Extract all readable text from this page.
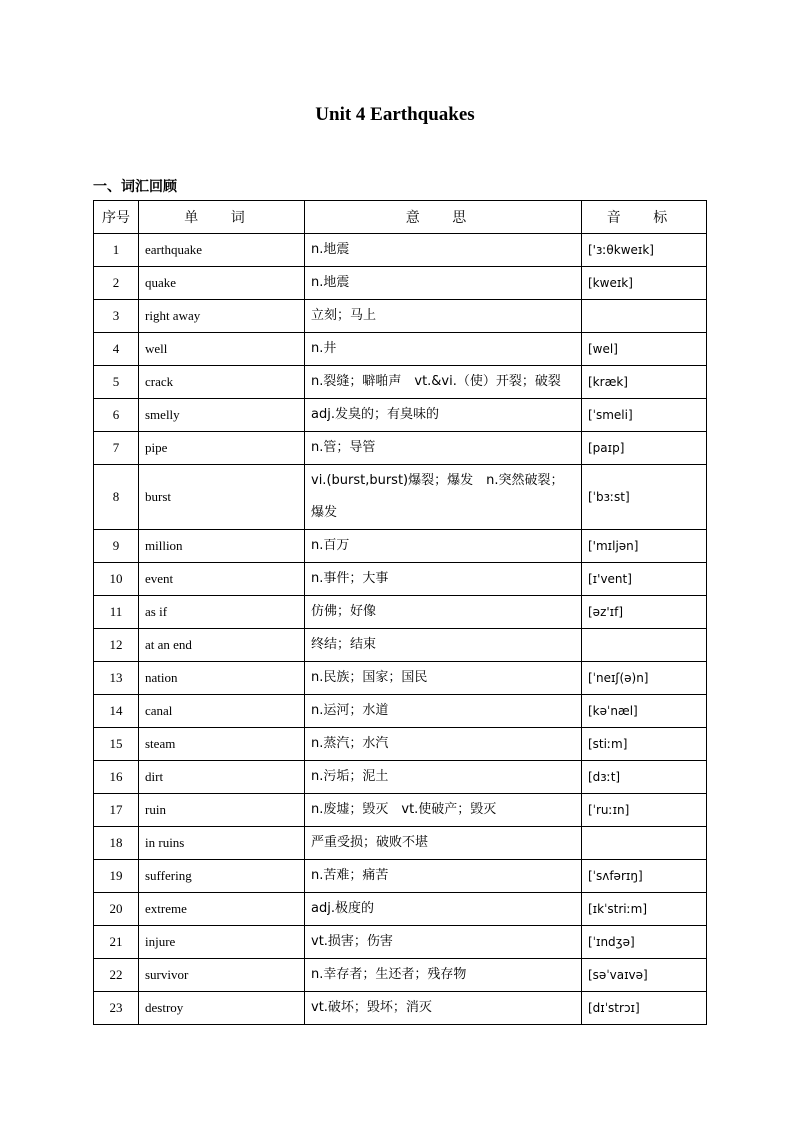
Unit 4 Earthquakes
一、词汇回顾
序号	单 词	意 思	音 标
1	earthquake	n.地震	['ɜːθkweɪk]
2	quake	n.地震	[kweɪk]
3	right away	立刻；马上	
4	well	n.井	[wel]
5	crack	n.裂缝；噼啪声　vt.&vi.（使）开裂；破裂	[kræk]
6	smelly	adj.发臭的；有臭味的	[ˈsmeli]
7	pipe	n.管；导管	[paɪp]
8	burst	vi.(burst,burst)爆裂；爆发　n.突然破裂；爆发	[ˈbɜːst]
9	million	n.百万	['mɪljən]
10	event	n.事件；大事	[ɪ'vent]
11	as if	仿佛；好像	[əz'ɪf]
12	at an end	终结；结束	
13	nation	n.民族；国家；国民	[ˈneɪʃ(ə)n]
14	canal	n.运河；水道	[kəˈnæl]
15	steam	n.蒸汽；水汽	[stiːm]
16	dirt	n.污垢；泥土	[dɜːt]
17	ruin	n.废墟；毁灭　vt.使破产；毁灭	[ˈruːɪn]
18	in ruins	严重受损；破败不堪	
19	suffering	n.苦难；痛苦	[ˈsʌfərɪŋ]
20	extreme	adj.极度的	[ɪkˈstriːm]
21	injure	vt.损害；伤害	[ˈɪndʒə]
22	survivor	n.幸存者；生还者；残存物	[səˈvaɪvə]
23	destroy	vt.破坏；毁坏；消灭	[dɪˈstrɔɪ]
